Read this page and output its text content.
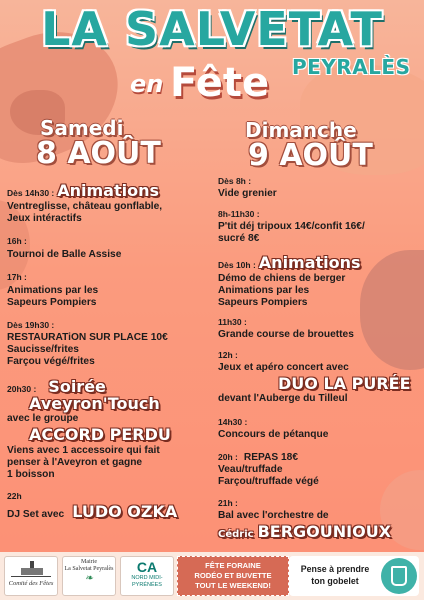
LA SALVETAT
PEYRALÈS
en Fête
Samedi
8 AOÛT
Dimanche
9 AOÛT
Dès 14h30 : Animations
Ventreglisse, château gonflable,
Jeux intéractifs
16h :
Tournoi de Balle Assise
17h :
Animations par les
Sapeurs Pompiers
Dès 19h30 :
RESTAURATiON SUR PLACE 10€
Saucisse/frites
Farçou végé/frites
20h30 : Soirée
Aveyron'Touch
avec le groupe
ACCORD PERDU
Viens avec 1 accessoire qui fait
penser à l'Aveyron et gagne
1 boisson
22h
DJ Set avec LUDO OZKA
Dès 8h :
Vide grenier
8h-11h30 :
P'tit déj tripoux 14€/confit 16€/
sucré 8€
Dès 10h : Animations
Démo de chiens de berger
Animations par les
Sapeurs Pompiers
11h30 :
Grande course de brouettes
12h :
Jeux et apéro concert avec
DUO LA PURÉE
devant l'Auberge du Tilleul
14h30 :
Concours de pétanque
20h : REPAS 18€
Veau/truffade
Farçou/truffade végé
21h :
Bal avec l'orchestre de
Cédric BERGOUNIOUX
Comité des Fêtes
Mairie
La Salvetat Peyralès
❧
CA
NORD MIDI-PYRÉNÉES
FÊTE FORAINE
RODÉO ET BUVETTE
TOUT LE WEEKEND!
Pense à prendre
ton gobelet
